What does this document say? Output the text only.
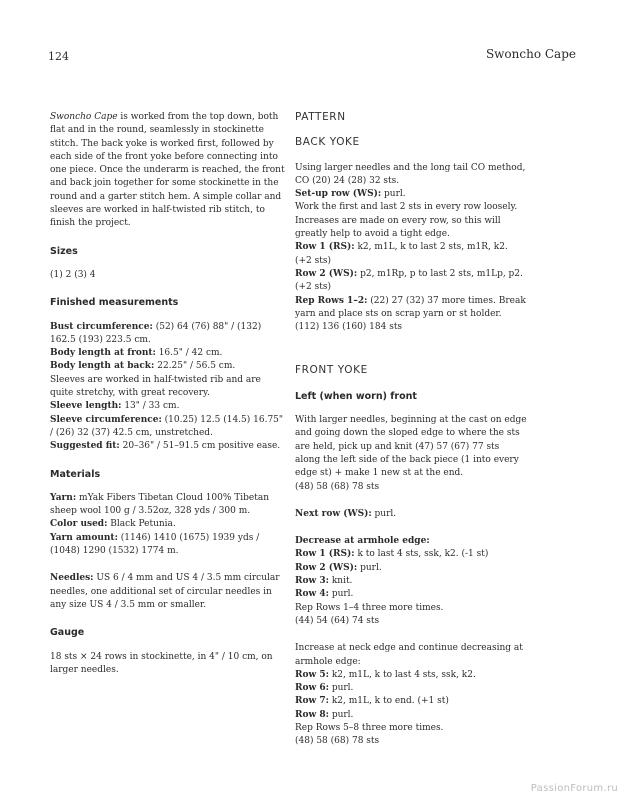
124	Swoncho Cape

Swoncho Cape is worked from the top down, both flat and in the round, seamlessly in stockinette stitch. The back yoke is worked first, followed by each side of the front yoke before connecting into one piece. Once the underarm is reached, the front and back join together for some stockinette in the round and a garter stitch hem. A simple collar and sleeves are worked in half-twisted rib stitch, to finish the project.

Sizes

(1) 2 (3) 4

Finished measurements

Bust circumference: (52) 64 (76) 88" / (132) 162.5 (193) 223.5 cm.

Body length at front: 16.5" / 42 cm.

Body length at back: 22.25" / 56.5 cm.

Sleeves are worked in half-twisted rib and are quite stretchy, with great recovery.

Sleeve length: 13" / 33 cm.

Sleeve circumference: (10.25) 12.5 (14.5) 16.75" / (26) 32 (37) 42.5 cm, unstretched.

Suggested fit: 20–36" / 51–91.5 cm positive ease.

Materials

Yarn: mYak Fibers Tibetan Cloud 100% Tibetan sheep wool 100 g / 3.52oz, 328 yds / 300 m.

Color used: Black Petunia.

Yarn amount: (1146) 1410 (1675) 1939 yds / (1048) 1290 (1532) 1774 m.

Needles: US 6 / 4 mm and US 4 / 3.5 mm circular needles, one additional set of circular needles in any size US 4 / 3.5 mm or smaller.

Gauge

18 sts × 24 rows in stockinette, in 4" / 10 cm, on larger needles.

PATTERN
BACK YOKE

Using larger needles and the long tail CO method, CO (20) 24 (28) 32 sts.

Set-up row (WS): purl.

Work the first and last 2 sts in every row loosely. Increases are made on every row, so this will greatly help to avoid a tight edge.

Row 1 (RS): k2, m1L, k to last 2 sts, m1R, k2. (+2 sts)

Row 2 (WS): p2, m1Rp, p to last 2 sts, m1Lp, p2. (+2 sts)

Rep Rows 1–2: (22) 27 (32) 37 more times. Break yarn and place sts on scrap yarn or st holder.

(112) 136 (160) 184 sts

FRONT YOKE
Left (when worn) front

With larger needles, beginning at the cast on edge and going down the sloped edge to where the sts are held, pick up and knit (47) 57 (67) 77 sts along the left side of the back piece (1 into every edge st) + make 1 new st at the end.

(48) 58 (68) 78 sts

Next row (WS): purl.

Decrease at armhole edge:

Row 1 (RS): k to last 4 sts, ssk, k2. (-1 st)

Row 2 (WS): purl.

Row 3: knit.

Row 4: purl.

Rep Rows 1–4 three more times.

(44) 54 (64) 74 sts

Increase at neck edge and continue decreasing at armhole edge:

Row 5: k2, m1L, k to last 4 sts, ssk, k2.

Row 6: purl.

Row 7: k2, m1L, k to end. (+1 st)

Row 8: purl.

Rep Rows 5–8 three more times.

(48) 58 (68) 78 sts

PassionForum.ru
